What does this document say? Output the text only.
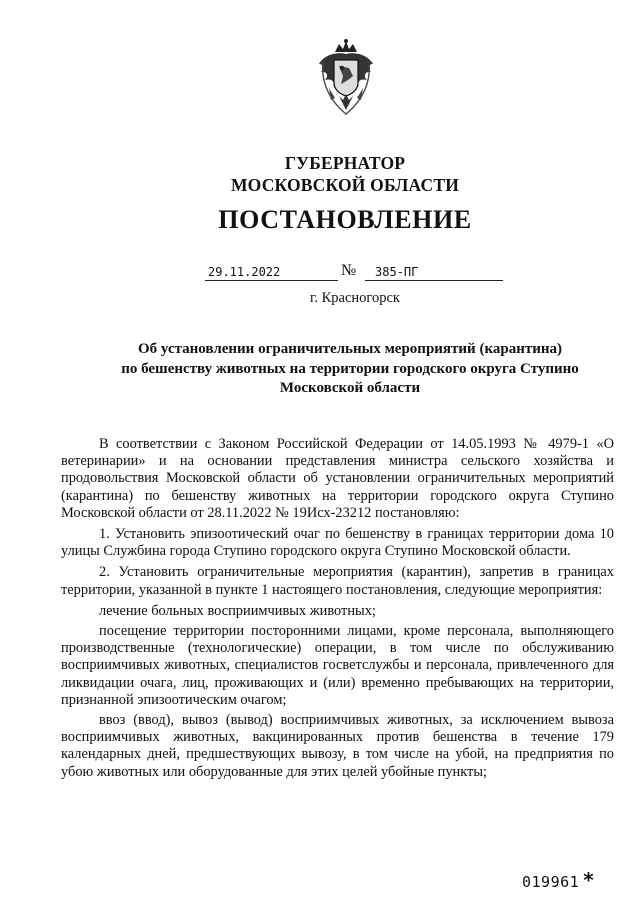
ГУБЕРНАТОР
МОСКОВСКОЙ ОБЛАСТИ
ПОСТАНОВЛЕНИЕ
29.11.2022	№	385-ПГ
г. Красногорск
Об установлении ограничительных мероприятий (карантина)
по бешенству животных на территории городского округа Ступино
Московской области

В соответствии с Законом Российской Федерации от 14.05.1993 № 4979-1 «О ветеринарии» и на основании представления министра сельского хозяйства и продовольствия Московской области об установлении ограничительных мероприятий (карантина) по бешенству животных на территории городского округа Ступино Московской области от 28.11.2022 № 19Исх-23212 постановляю:

1. Установить эпизоотический очаг по бешенству в границах территории дома 10 улицы Службина города Ступино городского округа Ступино Московской области.

2. Установить ограничительные мероприятия (карантин), запретив в границах территории, указанной в пункте 1 настоящего постановления, следующие мероприятия:

лечение больных восприимчивых животных;

посещение территории посторонними лицами, кроме персонала, выполняющего производственные (технологические) операции, в том числе по обслуживанию восприимчивых животных, специалистов госветслужбы и персонала, привлеченного для ликвидации очага, лиц, проживающих и (или) временно пребывающих на территории, признанной эпизоотическим очагом;

ввоз (ввод), вывоз (вывод) восприимчивых животных, за исключением вывоза восприимчивых животных, вакцинированных против бешенства в течение 179 календарных дней, предшествующих вывозу, в том числе на убой, на предприятия по убою животных или оборудованные для этих целей убойные пункты;

019961 *
